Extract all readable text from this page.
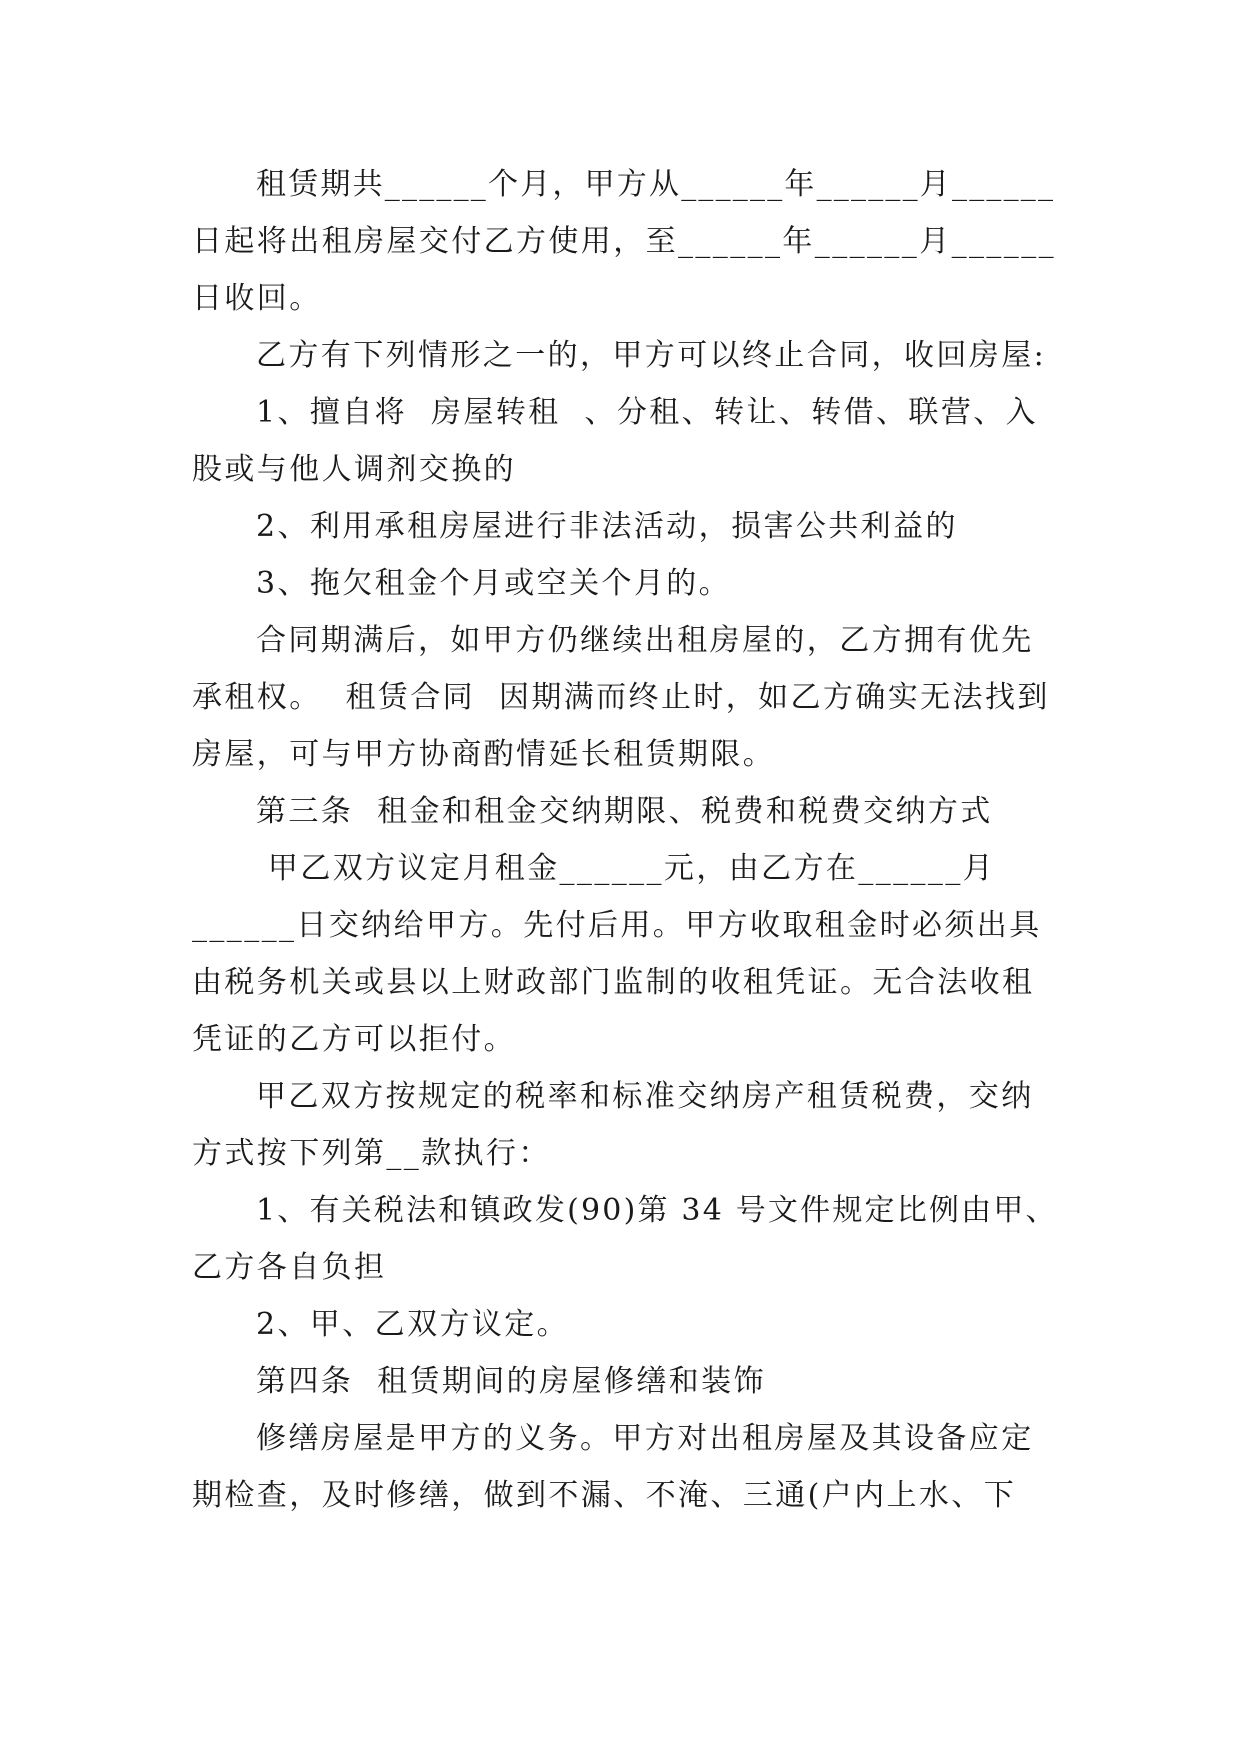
租赁期共______个月，甲方从______年______月______
日起将出租房屋交付乙方使用，至______年______月______
日收回。
乙方有下列情形之一的，甲方可以终止合同，收回房屋:
1、擅自将  房屋转租  、分租、转让、转借、联营、入
股或与他人调剂交换的
2、利用承租房屋进行非法活动，损害公共利益的
3、拖欠租金个月或空关个月的。
合同期满后，如甲方仍继续出租房屋的，乙方拥有优先
承租权。  租赁合同  因期满而终止时，如乙方确实无法找到
房屋，可与甲方协商酌情延长租赁期限。
第三条  租金和租金交纳期限、税费和税费交纳方式
甲乙双方议定月租金______元，由乙方在______月
______日交纳给甲方。先付后用。甲方收取租金时必须出具
由税务机关或县以上财政部门监制的收租凭证。无合法收租
凭证的乙方可以拒付。
甲乙双方按规定的税率和标准交纳房产租赁税费，交纳
方式按下列第__款执行：
1、有关税法和镇政发(90)第 34 号文件规定比例由甲、
乙方各自负担
2、甲、乙双方议定。
第四条  租赁期间的房屋修缮和装饰
修缮房屋是甲方的义务。甲方对出租房屋及其设备应定
期检查，及时修缮，做到不漏、不淹、三通(户内上水、下
